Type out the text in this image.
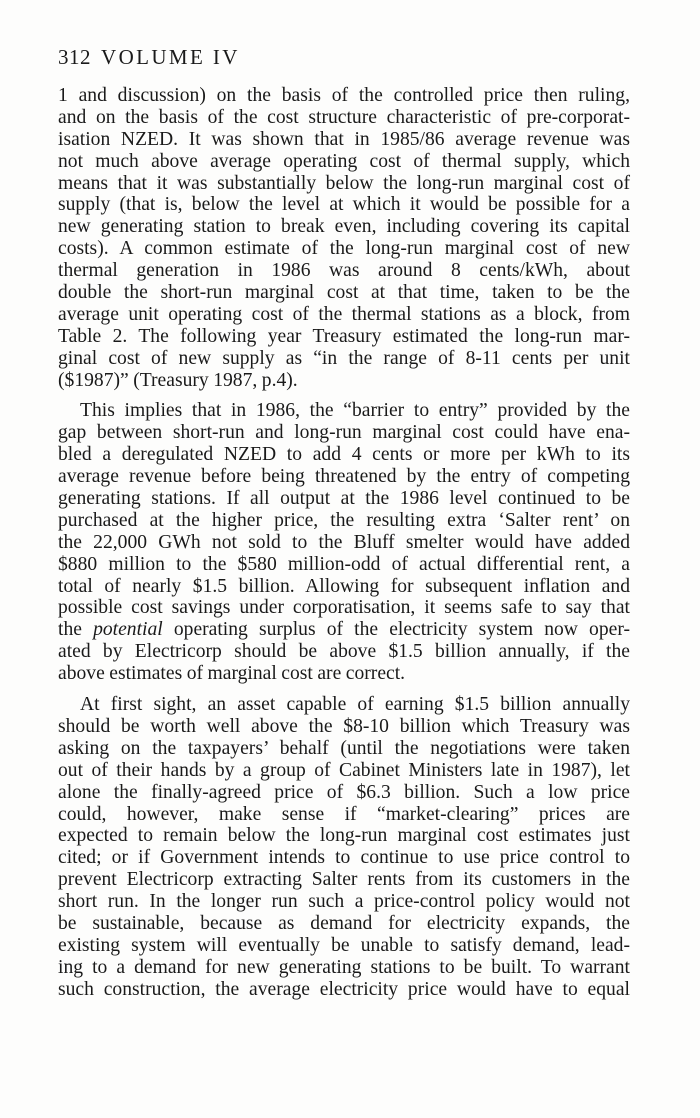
312 VOLUME IV

1 and discussion) on the basis of the controlled price then ruling,
and on the basis of the cost structure characteristic of pre-corporat-
isation NZED. It was shown that in 1985/86 average revenue was
not much above average operating cost of thermal supply, which
means that it was substantially below the long-run marginal cost of
supply (that is, below the level at which it would be possible for a
new generating station to break even, including covering its capital
costs). A common estimate of the long-run marginal cost of new
thermal generation in 1986 was around 8 cents/kWh, about
double the short-run marginal cost at that time, taken to be the
average unit operating cost of the thermal stations as a block, from
Table 2. The following year Treasury estimated the long-run mar-
ginal cost of new supply as “in the range of 8-11 cents per unit
($1987)” (Treasury 1987, p.4).

This implies that in 1986, the “barrier to entry” provided by the
gap between short-run and long-run marginal cost could have ena-
bled a deregulated NZED to add 4 cents or more per kWh to its
average revenue before being threatened by the entry of competing
generating stations. If all output at the 1986 level continued to be
purchased at the higher price, the resulting extra ‘Salter rent’ on
the 22,000 GWh not sold to the Bluff smelter would have added
$880 million to the $580 million-odd of actual differential rent, a
total of nearly $1.5 billion. Allowing for subsequent inflation and
possible cost savings under corporatisation, it seems safe to say that
the potential operating surplus of the electricity system now oper-
ated by Electricorp should be above $1.5 billion annually, if the
above estimates of marginal cost are correct.

At first sight, an asset capable of earning $1.5 billion annually
should be worth well above the $8-10 billion which Treasury was
asking on the taxpayers’ behalf (until the negotiations were taken
out of their hands by a group of Cabinet Ministers late in 1987), let
alone the finally-agreed price of $6.3 billion. Such a low price
could, however, make sense if “market-clearing” prices are
expected to remain below the long-run marginal cost estimates just
cited; or if Government intends to continue to use price control to
prevent Electricorp extracting Salter rents from its customers in the
short run. In the longer run such a price-control policy would not
be sustainable, because as demand for electricity expands, the
existing system will eventually be unable to satisfy demand, lead-
ing to a demand for new generating stations to be built. To warrant
such construction, the average electricity price would have to equal
